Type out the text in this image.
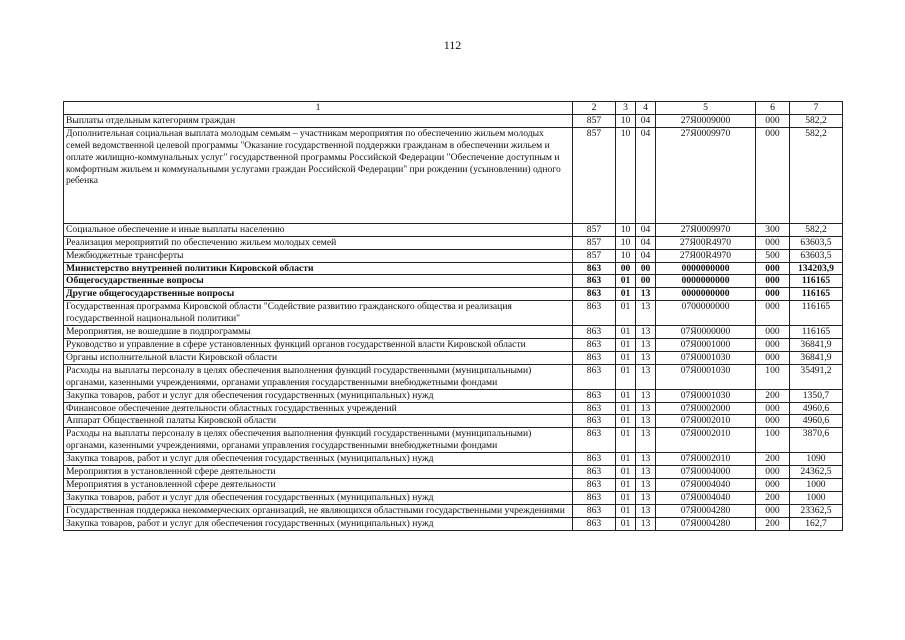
112
1	2	3	4	5	6	7
Выплаты отдельным категориям граждан	857	10	04	27Я0009000	000	582,2
Дополнительная социальная выплата молодым семьям – участникам мероприятия по обеспечению жильем молодых семей ведомственной целевой программы "Оказание государственной поддержки гражданам в обеспечении жильем и оплате жилищно-коммунальных услуг" государственной программы Российской Федерации "Обеспечение доступным и комфортным жильем и коммунальными услугами граждан Российской Федерации" при рождении (усыновлении) одного ребенка	857	10	04	27Я0009970	000	582,2
Социальное обеспечение и иные выплаты населению	857	10	04	27Я0009970	300	582,2
Реализация мероприятий по обеспечению жильем молодых семей	857	10	04	27Я00R4970	000	63603,5
Межбюджетные трансферты	857	10	04	27Я00R4970	500	63603,5
Министерство внутренней политики Кировской области	863	00	00	0000000000	000	134203,9
Общегосударственные вопросы	863	01	00	0000000000	000	116165
Другие общегосударственные вопросы	863	01	13	0000000000	000	116165
Государственная программа Кировской области "Содействие развитию гражданского общества и реализация государственной национальной политики"	863	01	13	0700000000	000	116165
Мероприятия, не вошедшие в подпрограммы	863	01	13	07Я0000000	000	116165
Руководство и управление в сфере установленных функций органов государственной власти Кировской области	863	01	13	07Я0001000	000	36841,9
Органы исполнительной власти Кировской области	863	01	13	07Я0001030	000	36841,9
Расходы на выплаты персоналу в целях обеспечения выполнения функций государственными (муниципальными) органами, казенными учреждениями, органами управления государственными внебюджетными фондами	863	01	13	07Я0001030	100	35491,2
Закупка товаров, работ и услуг для обеспечения государственных (муниципальных) нужд	863	01	13	07Я0001030	200	1350,7
Финансовое обеспечение деятельности областных государственных учреждений	863	01	13	07Я0002000	000	4960,6
Аппарат Общественной палаты Кировской области	863	01	13	07Я0002010	000	4960,6
Расходы на выплаты персоналу в целях обеспечения выполнения функций государственными (муниципальными) органами, казенными учреждениями, органами управления государственными внебюджетными фондами	863	01	13	07Я0002010	100	3870,6
Закупка товаров, работ и услуг для обеспечения государственных (муниципальных) нужд	863	01	13	07Я0002010	200	1090
Мероприятия в установленной сфере деятельности	863	01	13	07Я0004000	000	24362,5
Мероприятия в установленной сфере деятельности	863	01	13	07Я0004040	000	1000
Закупка товаров, работ и услуг для обеспечения государственных (муниципальных) нужд	863	01	13	07Я0004040	200	1000
Государственная поддержка некоммерческих организаций, не являющихся областными государственными учреждениями	863	01	13	07Я0004280	000	23362,5
Закупка товаров, работ и услуг для обеспечения государственных (муниципальных) нужд	863	01	13	07Я0004280	200	162,7
